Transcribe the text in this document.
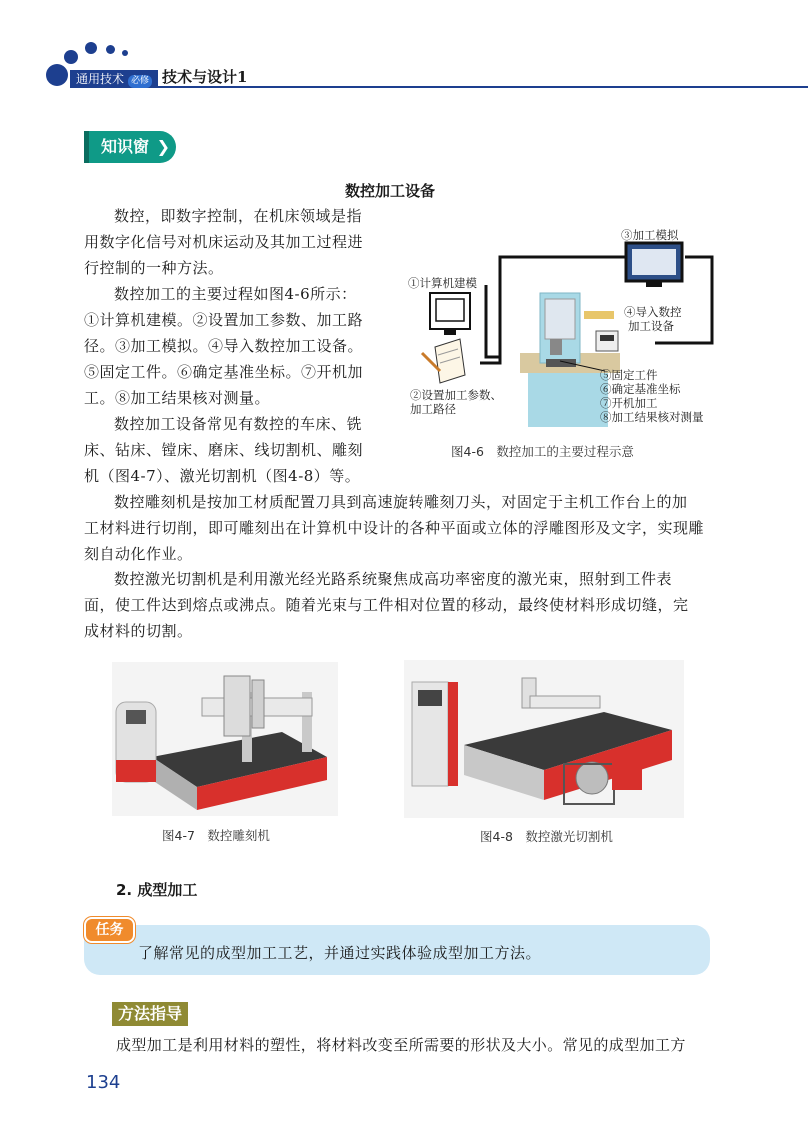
通用技术 必修 技术与设计1
知识窗 ❯
数控加工设备
数控，即数字控制，在机床领域是指
用数字化信号对机床运动及其加工过程进
行控制的一种方法。
数控加工的主要过程如图4-6所示：
①计算机建模。②设置加工参数、加工路
径。③加工模拟。④导入数控加工设备。
⑤固定工件。⑥确定基准坐标。⑦开机加
工。⑧加工结果核对测量。
数控加工设备常见有数控的车床、铣
床、钻床、镗床、磨床、线切割机、雕刻
机（图4-7）、激光切割机（图4-8）等。
①计算机建模
②设置加工参数、
加工路径
③加工模拟
④导入数控
加工设备
⑤固定工件
⑥确定基准坐标
⑦开机加工
⑧加工结果核对测量
图4-6　数控加工的主要过程示意
数控雕刻机是按加工材质配置刀具到高速旋转雕刻刀头，对固定于主机工作台上的加
工材料进行切削，即可雕刻出在计算机中设计的各种平面或立体的浮雕图形及文字，实现雕
刻自动化作业。
数控激光切割机是利用激光经光路系统聚焦成高功率密度的激光束，照射到工件表
面，使工件达到熔点或沸点。随着光束与工件相对位置的移动，最终使材料形成切缝，完
成材料的切割。
图4-7　数控雕刻机	图4-8　数控激光切割机
2. 成型加工
任务
了解常见的成型加工工艺，并通过实践体验成型加工方法。
方法指导
成型加工是利用材料的塑性，将材料改变至所需要的形状及大小。常见的成型加工方
134
